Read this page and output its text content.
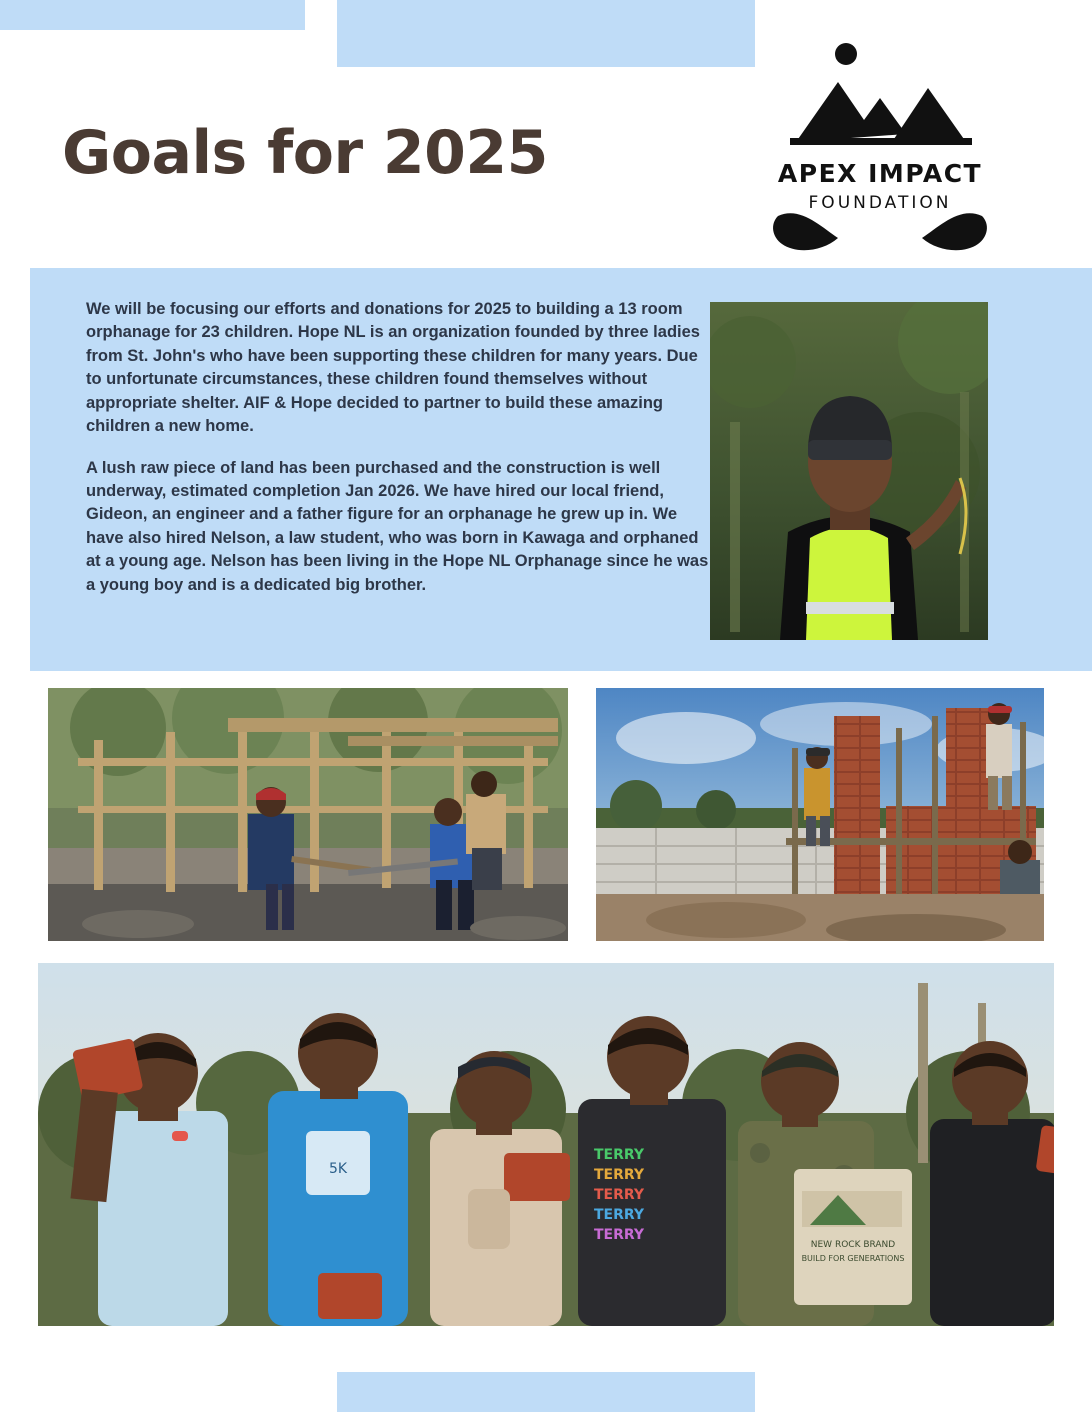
Goals for 2025	APEX IMPACT
FOUNDATION

We will be focusing our efforts and donations for 2025 to building a 13 room orphanage for 23 children. Hope NL is an organization founded by three ladies from St. John's who have been supporting these children for many years. Due to unfortunate circumstances, these children found themselves without appropriate shelter. AIF & Hope decided to partner to build these amazing children a new home.

A lush raw piece of land has been purchased and the construction is well underway, estimated completion Jan 2026. We have hired our local friend, Gideon, an engineer and a father figure for an orphanage he grew up in. We have also hired Nelson, a law student, who was born in Kawaga and orphaned at a young age. Nelson has been living in the Hope NL Orphanage since he was a young boy and is a dedicated big brother.

5K
TERRY
TERRY
TERRY
TERRY
TERRY
NEW ROCK BRAND
BUILD FOR GENERATIONS
